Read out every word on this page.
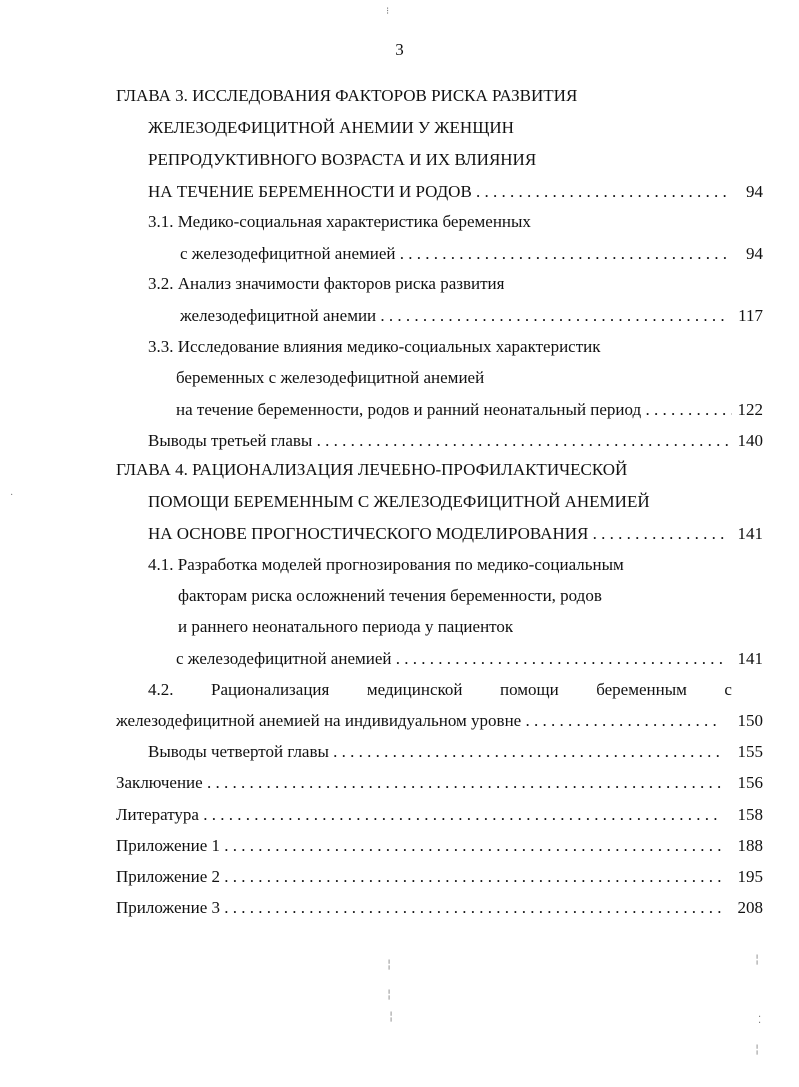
3
ГЛАВА 3. ИССЛЕДОВАНИЯ ФАКТОРОВ РИСКА РАЗВИТИЯ
ЖЕЛЕЗОДЕФИЦИТНОЙ АНЕМИИ У ЖЕНЩИН
РЕПРОДУКТИВНОГО ВОЗРАСТА И ИХ ВЛИЯНИЯ
НА ТЕЧЕНИЕ БЕРЕМЕННОСТИ И РОДОВ . . .	94
3.1. Медико-социальная характеристика беременных
с железодефицитной анемией . . .	94
3.2. Анализ значимости факторов риска развития
железодефицитной анемии . . .	117
3.3. Исследование влияния медико-социальных характеристик
беременных с железодефицитной анемией
на течение беременности, родов и ранний неонатальный период . . .	122
Выводы третьей главы . . .	140
ГЛАВА 4. РАЦИОНАЛИЗАЦИЯ ЛЕЧЕБНО-ПРОФИЛАКТИЧЕСКОЙ
ПОМОЩИ БЕРЕМЕННЫМ С ЖЕЛЕЗОДЕФИЦИТНОЙ АНЕМИЕЙ
НА ОСНОВЕ ПРОГНОСТИЧЕСКОГО МОДЕЛИРОВАНИЯ . . .	141
4.1. Разработка моделей прогнозирования по медико-социальным
факторам риска осложнений течения беременности, родов
и раннего неонатального периода у пациенток
с железодефицитной анемией . . .	141
4.2. Рационализация медицинской помощи беременным с
железодефицитной анемией на индивидуальном уровне . . .	150
Выводы четвертой главы . . .	155
Заключение . . .	156
Литература . . .	158
Приложение 1 . . .	188
Приложение 2 . . .	195
Приложение 3 . . .	208
⁝
╎
╎
╎
╎
⁚
╎
·
